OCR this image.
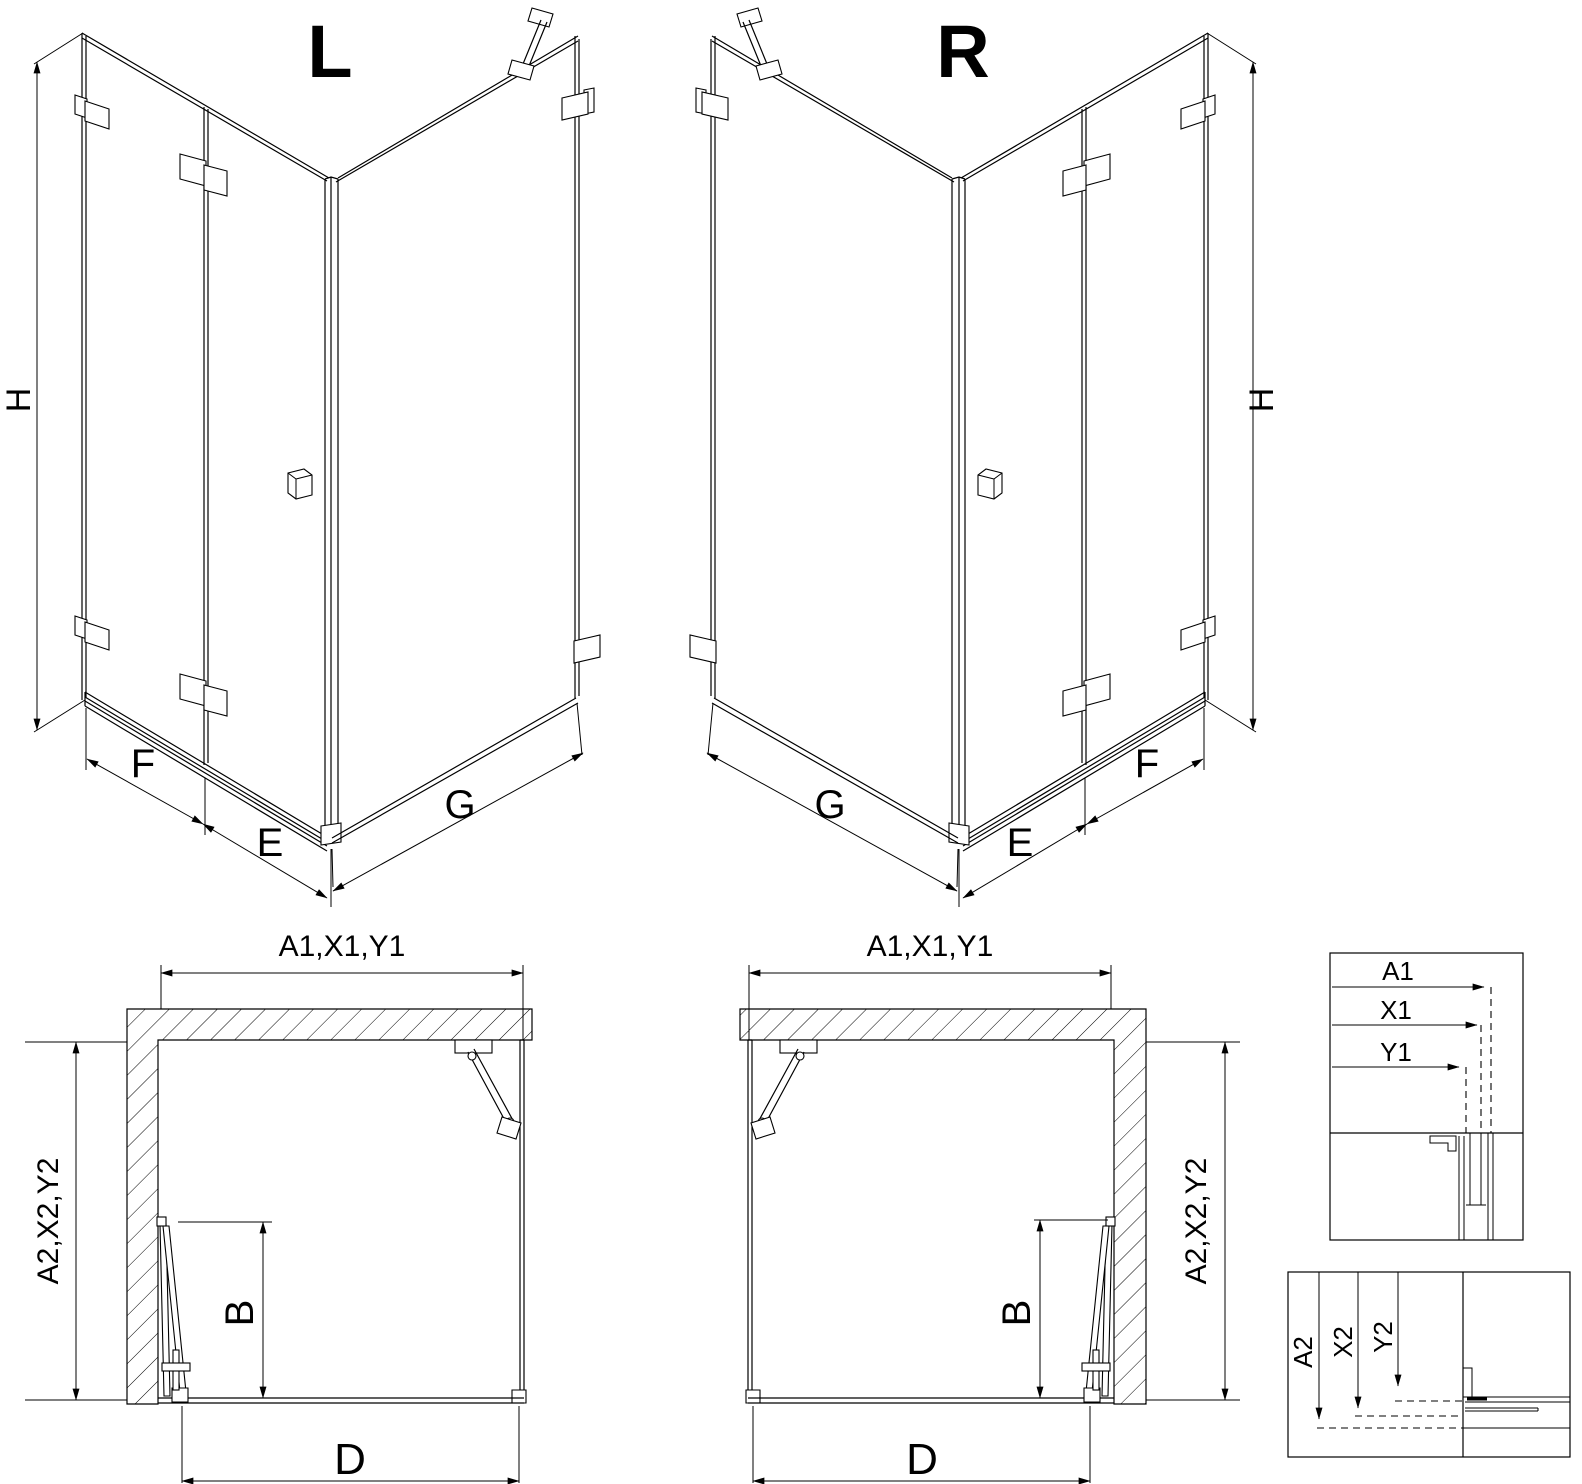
H
F
E
G
L
H
F
E
G
R
A1,X1,Y1
A2,X2,Y2
B
D
A1,X1,Y1
A2,X2,Y2
B
D
A1
X1
Y1
A2 X2 Y2
